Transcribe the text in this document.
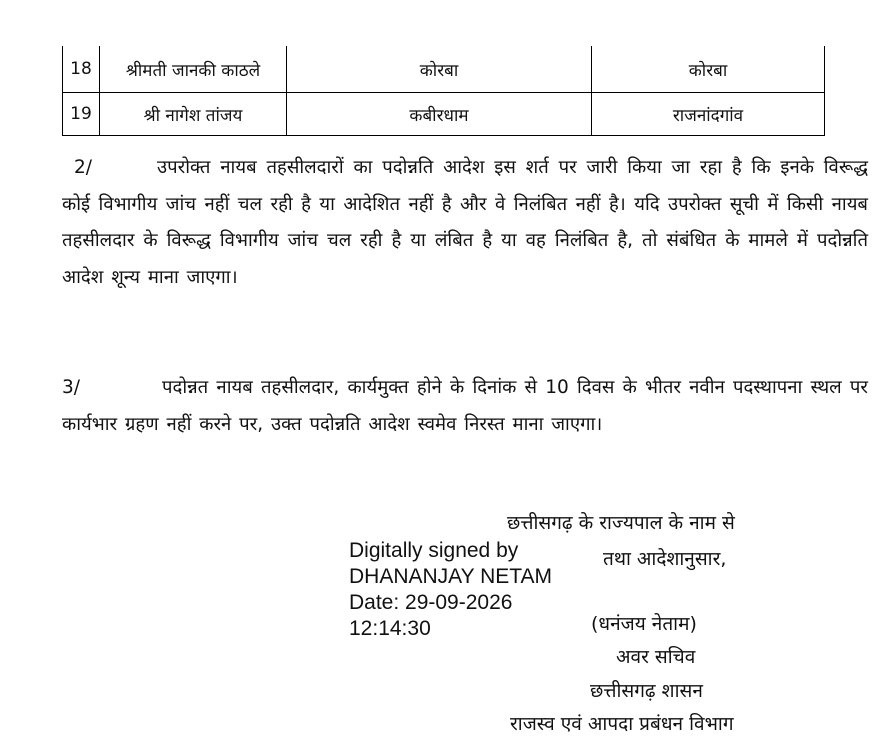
18	श्रीमती जानकी काठले	कोरबा	कोरबा
19	श्री नागेश तांजय	कबीरधाम	राजनांदगांव
2/	उपरोक्त नायब तहसीलदारों का पदोन्नति आदेश इस शर्त पर जारी किया जा रहा है कि इनके विरूद्ध कोई विभागीय जांच नहीं चल रही है या आदेशित नहीं है और वे निलंबित नहीं है। यदि उपरोक्त सूची में किसी नायब तहसीलदार के विरूद्ध विभागीय जांच चल रही है या लंबित है या वह निलंबित है, तो संबंधित के मामले में पदोन्नति आदेश शून्य माना जाएगा।
3/	पदोन्नत नायब तहसीलदार, कार्यमुक्त होने के दिनांक से 10 दिवस के भीतर नवीन पदस्थापना स्थल पर कार्यभार ग्रहण नहीं करने पर, उक्त पदोन्नति आदेश स्वमेव निरस्त माना जाएगा।
Digitally signed by
DHANANJAY NETAM
Date: 29-09-2026
12:14:30
छत्तीसगढ़ के राज्यपाल के नाम से
तथा आदेशानुसार,
(धनंजय नेताम)
अवर सचिव
छत्तीसगढ़ शासन
राजस्व एवं आपदा प्रबंधन विभाग
